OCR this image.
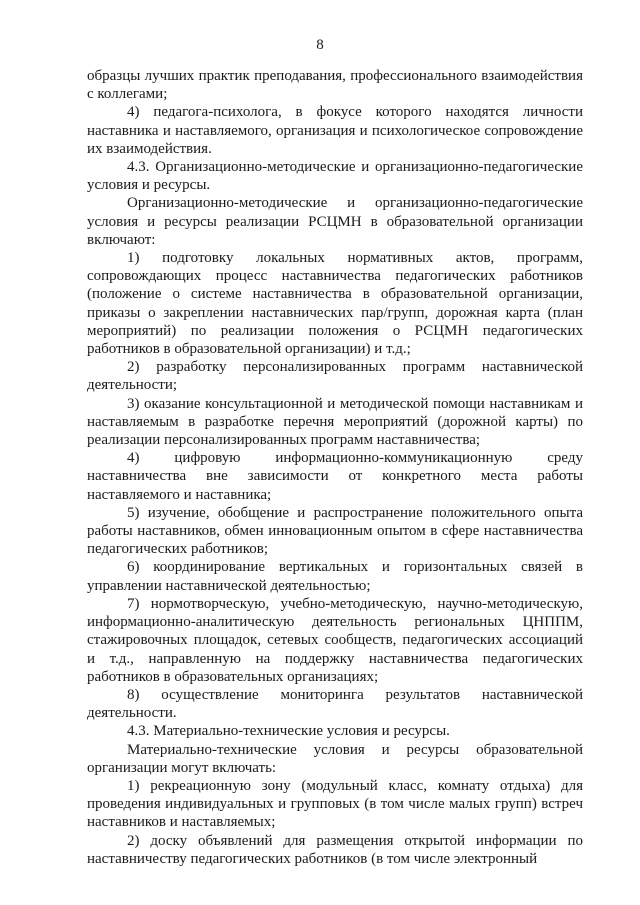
8

образцы лучших практик преподавания, профессионального взаимодействия с коллегами;

4) педагога-психолога, в фокусе которого находятся личности наставника и наставляемого, организация и психологическое сопровождение их взаимодействия.

4.3. Организационно-методические и организационно-педагогические условия и ресурсы.

Организационно-методические и организационно-педагогические условия и ресурсы реализации РСЦМН в образовательной организации включают:

1) подготовку локальных нормативных актов, программ, сопровождающих процесс наставничества педагогических работников (положение о системе наставничества в образовательной организации, приказы о закреплении наставнических пар/групп, дорожная карта (план мероприятий) по реализации положения о РСЦМН педагогических работников в образовательной организации) и т.д.;

2) разработку персонализированных программ наставнической деятельности;

3) оказание консультационной и методической помощи наставникам и наставляемым в разработке перечня мероприятий (дорожной карты) по реализации персонализированных программ наставничества;

4) цифровую информационно-коммуникационную среду наставничества вне зависимости от конкретного места работы наставляемого и наставника;

5) изучение, обобщение и распространение положительного опыта работы наставников, обмен инновационным опытом в сфере наставничества педагогических работников;

6) координирование вертикальных и горизонтальных связей в управлении наставнической деятельностью;

7) нормотворческую, учебно-методическую, научно-методическую, информационно-аналитическую деятельность региональных ЦНППМ, стажировочных площадок, сетевых сообществ, педагогических ассоциаций и т.д., направленную на поддержку наставничества педагогических работников в образовательных организациях;

8) осуществление мониторинга результатов наставнической деятельности.

4.3. Материально-технические условия и ресурсы.

Материально-технические условия и ресурсы образовательной организации могут включать:

1) рекреационную зону (модульный класс, комнату отдыха) для проведения индивидуальных и групповых (в том числе малых групп) встреч наставников и наставляемых;

2) доску объявлений для размещения открытой информации по наставничеству педагогических работников (в том числе электронный
